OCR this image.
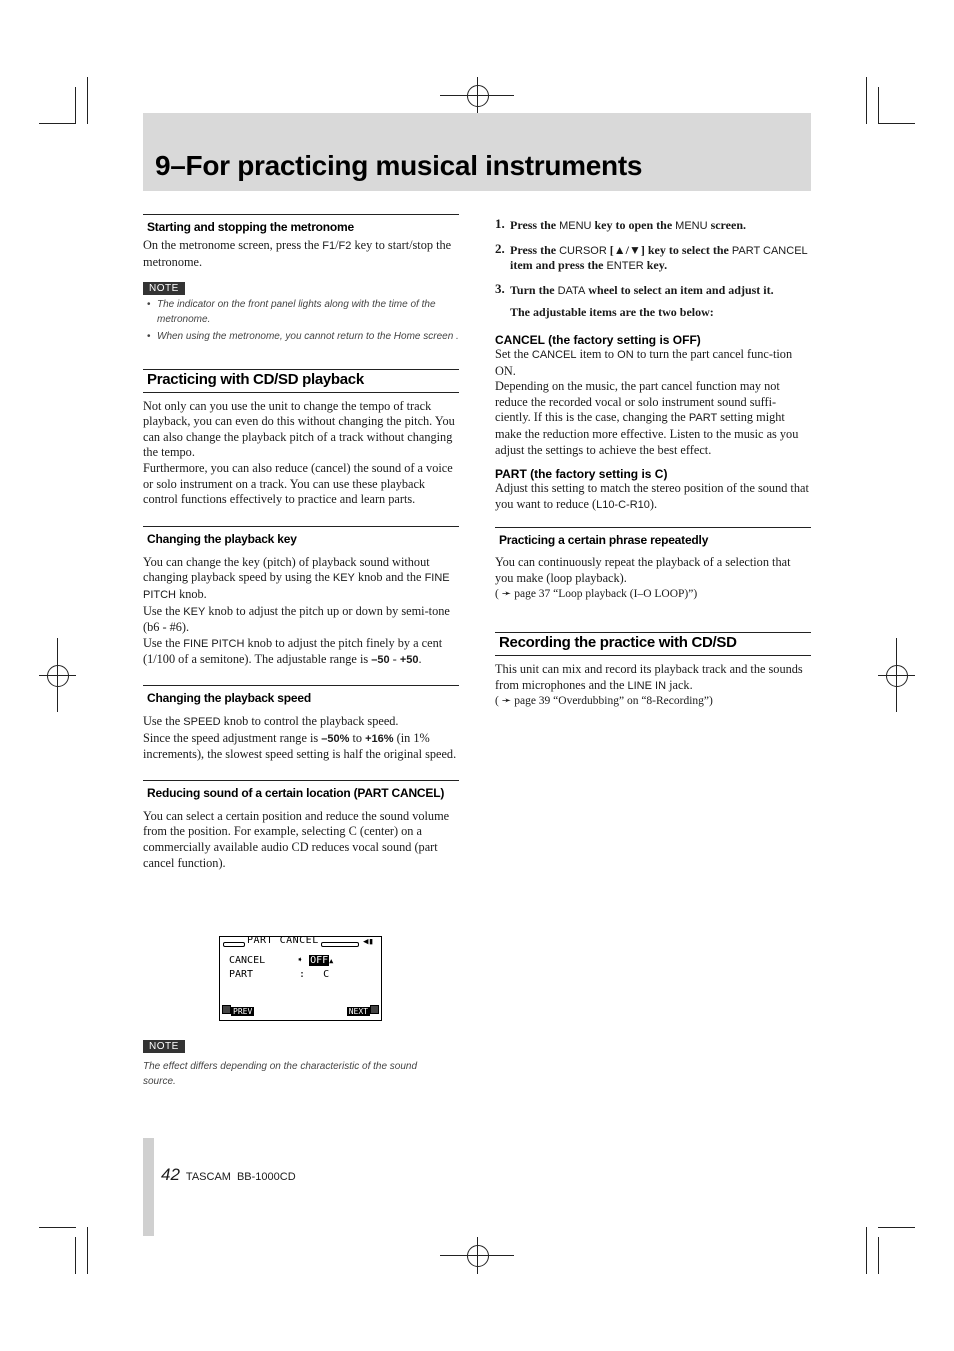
9–For practicing musical instruments
Starting and stopping the metronome

On the metronome screen, press the F1/F2 key to start/stop the metronome.

NOTE
• The indicator on the front panel lights along with the time of the metronome.
• When using the metronome, you cannot return to the Home screen .
Practicing with CD/SD playback

Not only can you use the unit to change the tempo of track playback, you can even do this without changing the pitch. You can also change the playback pitch of a track without changing the tempo.
Furthermore, you can also reduce (cancel) the sound of a voice or solo instrument on a track. You can use these playback control functions effectively to practice and learn parts.

Changing the playback key

You can change the key (pitch) of playback sound without changing playback speed by using the KEY knob and the FINE PITCH knob.
Use the KEY knob to adjust the pitch up or down by semi-tone (b6 - #6).
Use the FINE PITCH knob to adjust the pitch finely by a cent (1/100 of a semitone). The adjustable range is –50 - +50.

Changing the playback speed

Use the SPEED knob to control the playback speed.
Since the speed adjustment range is –50% to +16% (in 1% increments), the slowest speed setting is half the original speed.

Reducing sound of a certain location (PART CANCEL)

You can select a certain position and reduce the sound volume from the position. For example, selecting C (center) on a commercially available audio CD reduces vocal sound (part cancel function).

PART CANCEL	◀▮
CANCEL	➧ OFF▲
PART	: C
PREV	NEXT
NOTE
The effect differs depending on the characteristic of the sound source.
1. Press the MENU key to open the MENU screen.
2. Press the CURSOR [▲/▼] key to select the PART CANCEL item and press the ENTER key.
3. Turn the DATA wheel to select an item and adjust it.
The adjustable items are the two below:
CANCEL (the factory setting is OFF)

Set the CANCEL item to ON to turn the part cancel func-tion ON.
Depending on the music, the part cancel function may not reduce the recorded vocal or solo instrument sound suffi-ciently. If this is the case, changing the PART setting might make the reduction more effective. Listen to the music as you adjust the settings to achieve the best effect.

PART (the factory setting is C)

Adjust this setting to match the stereo position of the sound that you want to reduce (L10-C-R10).

Practicing a certain phrase repeatedly

You can continuously repeat the playback of a selection that you make (loop playback).

( ➛ page 37 “Loop playback (I–O LOOP)”)

Recording the practice with CD/SD

This unit can mix and record its playback track and the sounds from microphones and the LINE IN jack.

( ➛ page 39 “Overdubbing” on “8-Recording”)

42 TASCAM BB-1000CD
